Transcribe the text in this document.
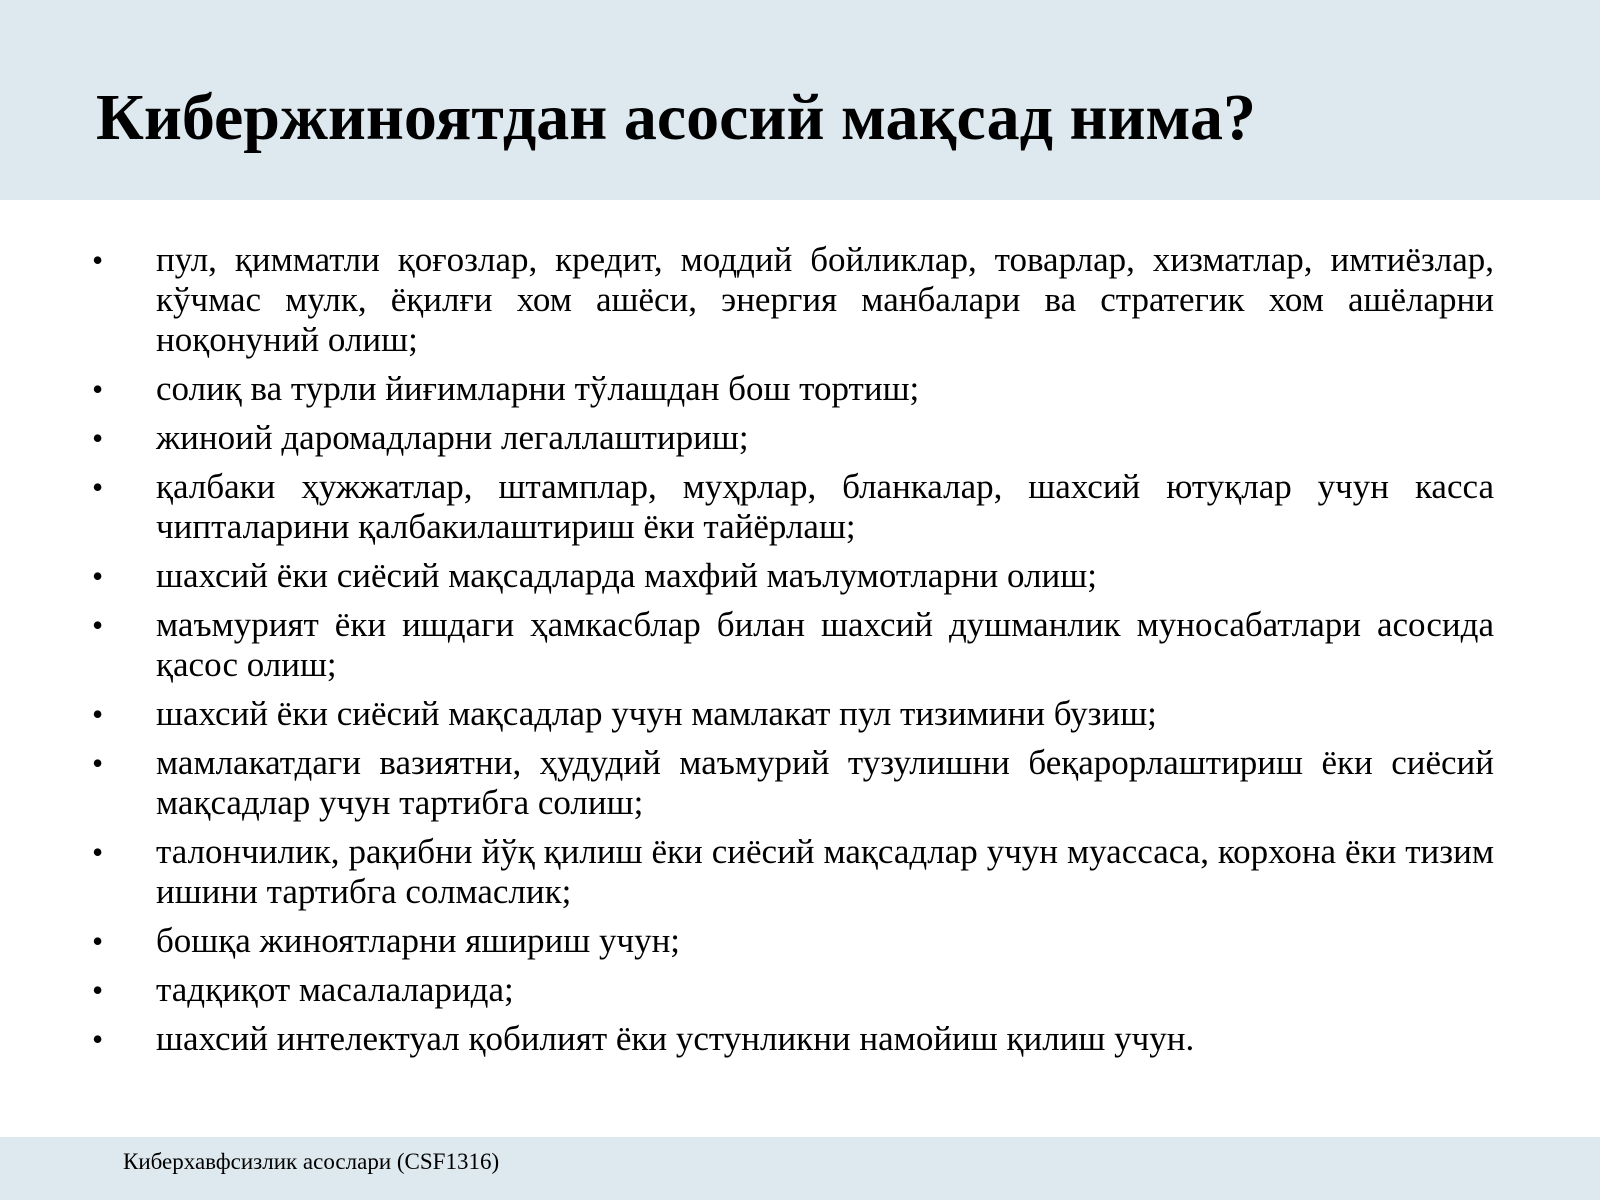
Кибержиноятдан асосий мақсад нима?
• пул, қимматли қоғозлар, кредит, моддий бойликлар, товарлар, хизматлар, имтиёзлар, кўчмас мулк, ёқилғи хом ашёси, энергия манбалари ва стратегик хом ашёларни ноқонуний олиш;
• солиқ ва турли йиғимларни тўлашдан бош тортиш;
• жиноий даромадларни легаллаштириш;
• қалбаки ҳужжатлар, штамплар, муҳрлар, бланкалар, шахсий ютуқлар учун касса чипталарини қалбакилаштириш ёки тайёрлаш;
• шахсий ёки сиёсий мақсадларда махфий маълумотларни олиш;
• маъмурият ёки ишдаги ҳамкасблар билан шахсий душманлик муносабатлари асосида қасос олиш;
• шахсий ёки сиёсий мақсадлар учун мамлакат пул тизимини бузиш;
• мамлакатдаги вазиятни, ҳудудий маъмурий тузулишни беқарорлаштириш ёки сиёсий мақсадлар учун тартибга солиш;
• талончилик, рақибни йўқ қилиш ёки сиёсий мақсадлар учун муассаса, корхона ёки тизим ишини тартибга солмаслик;
• бошқа жиноятларни яшириш учун;
• тадқиқот масалаларида;
• шахсий интелектуал қобилият ёки устунликни намойиш қилиш учун.
Киберхавфсизлик асослари (CSF1316)
